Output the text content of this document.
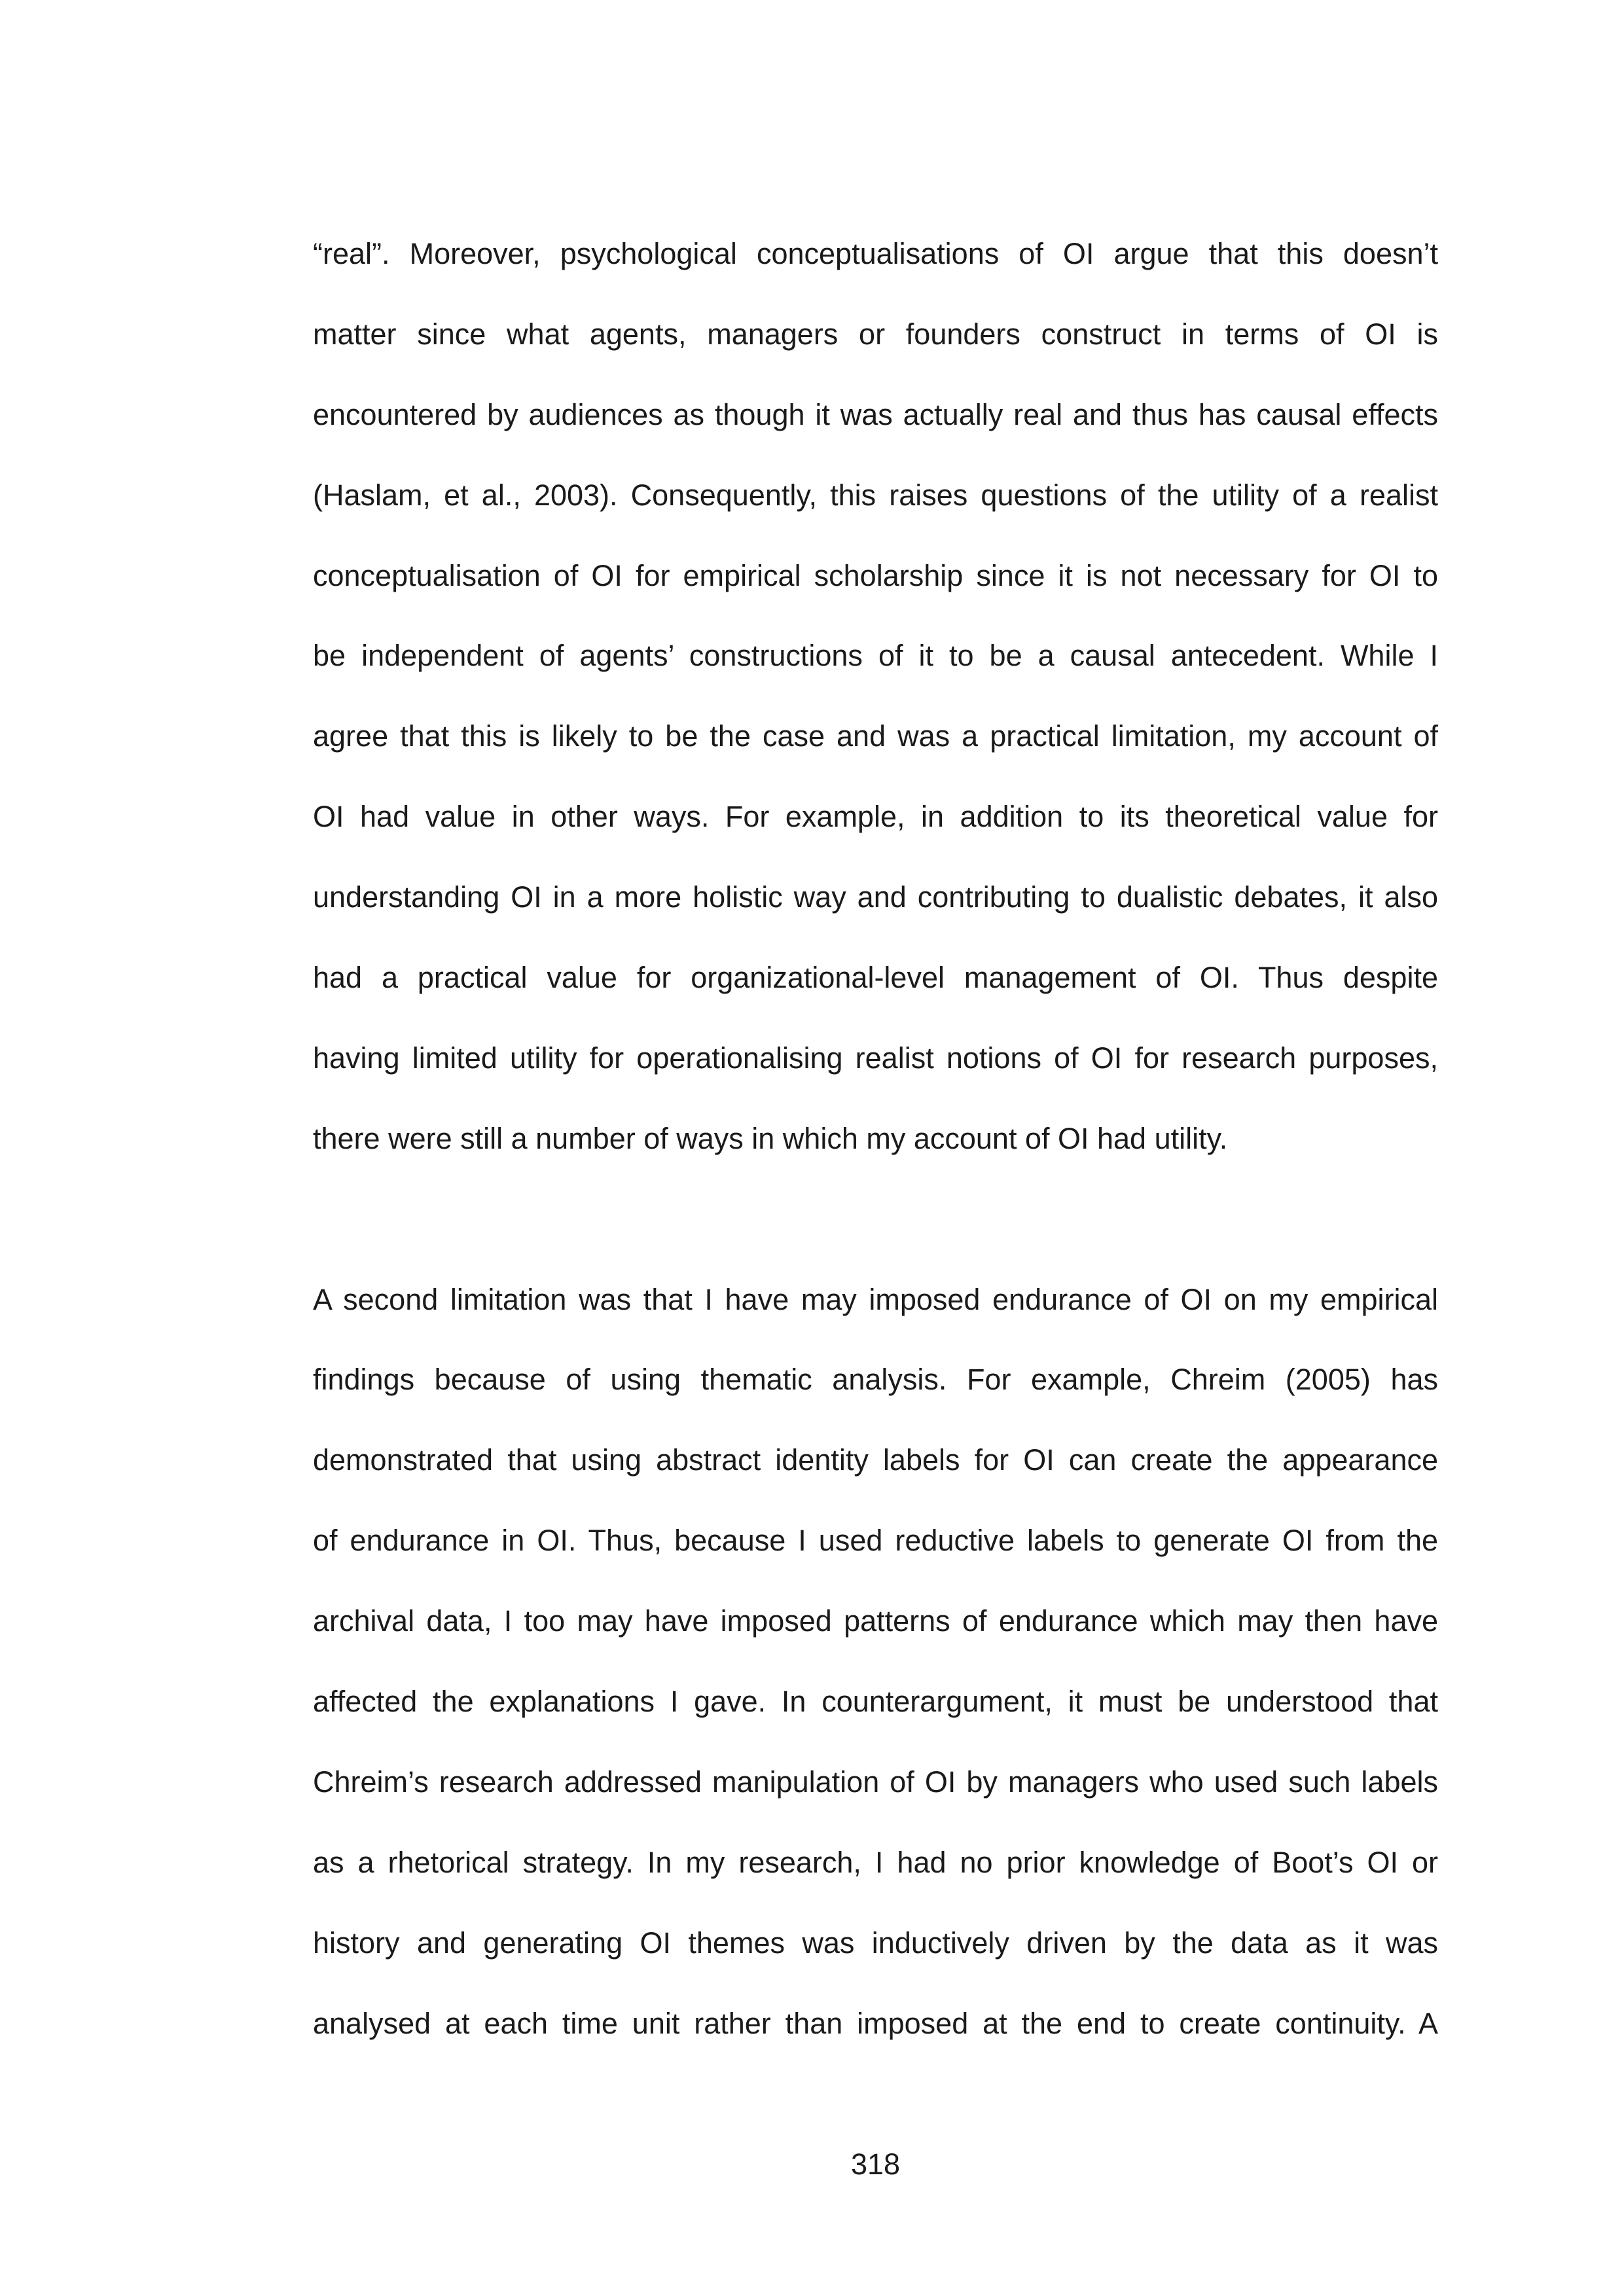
“real”. Moreover, psychological conceptualisations of OI argue that this doesn’t
matter since what agents, managers or founders construct in terms of OI is
encountered by audiences as though it was actually real and thus has causal effects
(Haslam, et al., 2003). Consequently, this raises questions of the utility of a realist
conceptualisation of OI for empirical scholarship since it is not necessary for OI to
be independent of agents’ constructions of it to be a causal antecedent. While I
agree that this is likely to be the case and was a practical limitation, my account of
OI had value in other ways. For example, in addition to its theoretical value for
understanding OI in a more holistic way and contributing to dualistic debates, it also
had a practical value for organizational-level management of OI. Thus despite
having limited utility for operationalising realist notions of OI for research purposes,
there were still a number of ways in which my account of OI had utility.
A second limitation was that I have may imposed endurance of OI on my empirical
findings because of using thematic analysis. For example, Chreim (2005) has
demonstrated that using abstract identity labels for OI can create the appearance
of endurance in OI. Thus, because I used reductive labels to generate OI from the
archival data, I too may have imposed patterns of endurance which may then have
affected the explanations I gave. In counterargument, it must be understood that
Chreim’s research addressed manipulation of OI by managers who used such labels
as a rhetorical strategy. In my research, I had no prior knowledge of Boot’s OI or
history and generating OI themes was inductively driven by the data as it was
analysed at each time unit rather than imposed at the end to create continuity. A
318
